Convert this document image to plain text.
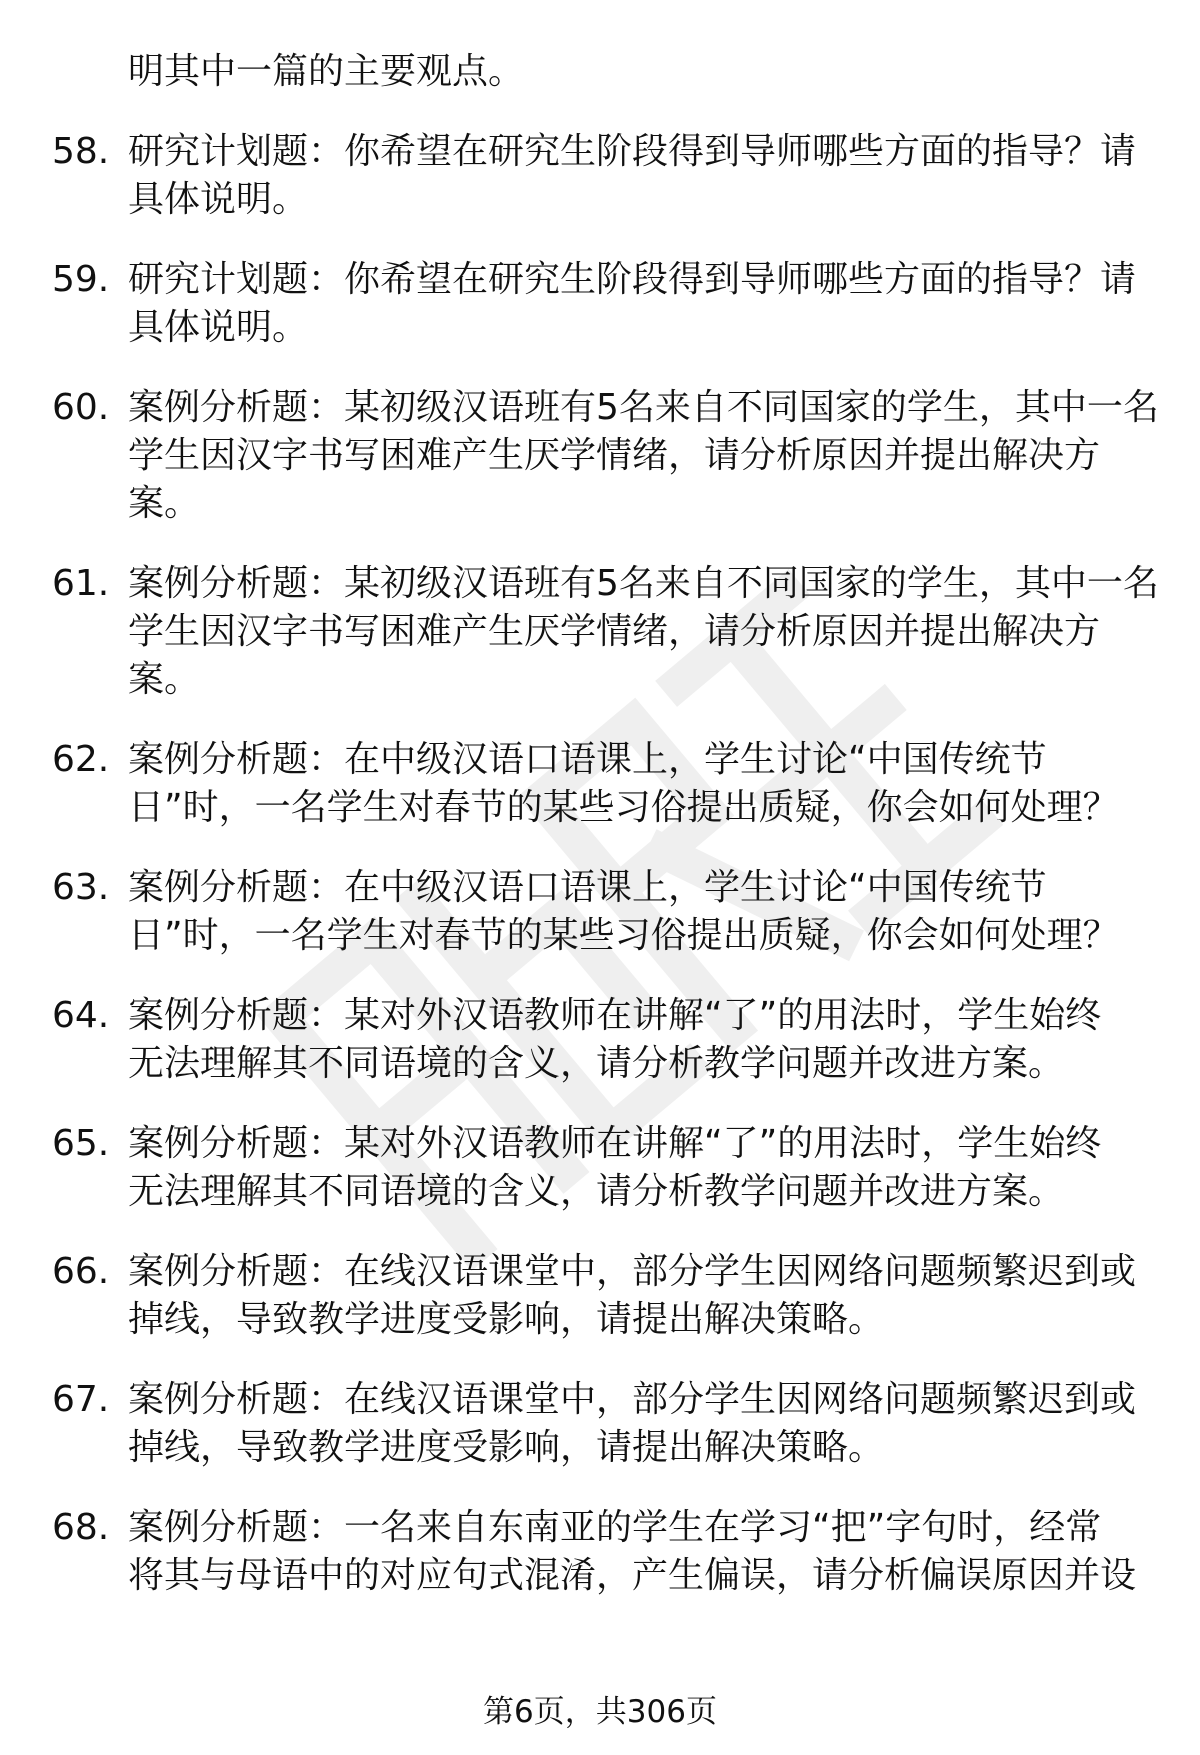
明其中一篇的主要观点。
58. 研究计划题：你希望在研究生阶段得到导师哪些方面的指导？请
具体说明。
59. 研究计划题：你希望在研究生阶段得到导师哪些方面的指导？请
具体说明。
60. 案例分析题：某初级汉语班有5名来自不同国家的学生，其中一名
学生因汉字书写困难产生厌学情绪，请分析原因并提出解决方
案。
61. 案例分析题：某初级汉语班有5名来自不同国家的学生，其中一名
学生因汉字书写困难产生厌学情绪，请分析原因并提出解决方
案。
62. 案例分析题：在中级汉语口语课上，学生讨论“中国传统节
日”时，一名学生对春节的某些习俗提出质疑，你会如何处理？
63. 案例分析题：在中级汉语口语课上，学生讨论“中国传统节
日”时，一名学生对春节的某些习俗提出质疑，你会如何处理？
64. 案例分析题：某对外汉语教师在讲解“了”的用法时，学生始终
无法理解其不同语境的含义，请分析教学问题并改进方案。
65. 案例分析题：某对外汉语教师在讲解“了”的用法时，学生始终
无法理解其不同语境的含义，请分析教学问题并改进方案。
66. 案例分析题：在线汉语课堂中，部分学生因网络问题频繁迟到或
掉线，导致教学进度受影响，请提出解决策略。
67. 案例分析题：在线汉语课堂中，部分学生因网络问题频繁迟到或
掉线，导致教学进度受影响，请提出解决策略。
68. 案例分析题：一名来自东南亚的学生在学习“把”字句时，经常
将其与母语中的对应句式混淆，产生偏误，请分析偏误原因并设
第6页，共306页
